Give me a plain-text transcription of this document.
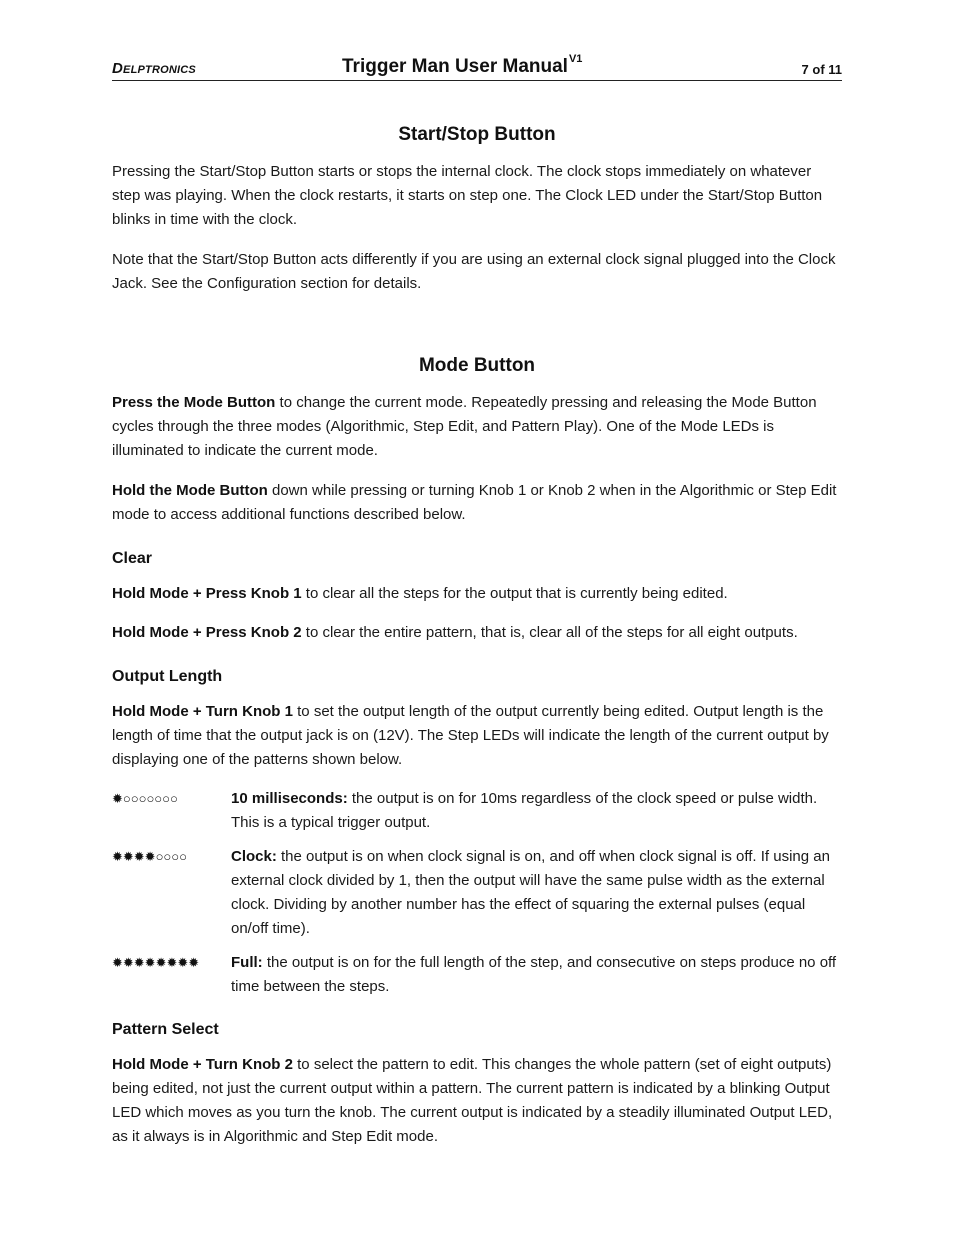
Delptronics	Trigger Man User Manual$^{V1}$
7 of 11
Start/Stop Button

Pressing the Start/Stop Button starts or stops the internal clock. The clock stops immediately on whatever step was playing. When the clock restarts, it starts on step one. The Clock LED under the Start/Stop Button blinks in time with the clock.

Note that the Start/Stop Button acts differently if you are using an external clock signal plugged into the Clock Jack. See the Configuration section for details.

Mode Button

Press the Mode Button to change the current mode. Repeatedly pressing and releasing the Mode Button cycles through the three modes (Algorithmic, Step Edit, and Pattern Play). One of the Mode LEDs is illuminated to indicate the current mode.

Hold the Mode Button down while pressing or turning Knob 1 or Knob 2 when in the Algorithmic or Step Edit mode to access additional functions described below.

Clear

Hold Mode + Press Knob 1 to clear all the steps for the output that is currently being edited.

Hold Mode + Press Knob 2 to clear the entire pattern, that is, clear all of the steps for all eight outputs.

Output Length

Hold Mode + Turn Knob 1 to set the output length of the output currently being edited. Output length is the length of time that the output jack is on (12V). The Step LEDs will indicate the length of the current output by displaying one of the patterns shown below.

✹○○○○○○○	10 milliseconds: the output is on for 10ms regardless of the clock speed or pulse width. This is a typical trigger output.
✹✹✹✹○○○○	Clock: the output is on when clock signal is on, and off when clock signal is off. If using an external clock divided by 1, then the output will have the same pulse width as the external clock. Dividing by another number has the effect of squaring the external pulses (equal on/off time).
✹✹✹✹✹✹✹✹	Full: the output is on for the full length of the step, and consecutive on steps produce no off time between the steps.
Pattern Select

Hold Mode + Turn Knob 2 to select the pattern to edit. This changes the whole pattern (set of eight outputs) being edited, not just the current output within a pattern. The current pattern is indicated by a blinking Output LED which moves as you turn the knob. The current output is indicated by a steadily illuminated Output LED, as it always is in Algorithmic and Step Edit mode.
